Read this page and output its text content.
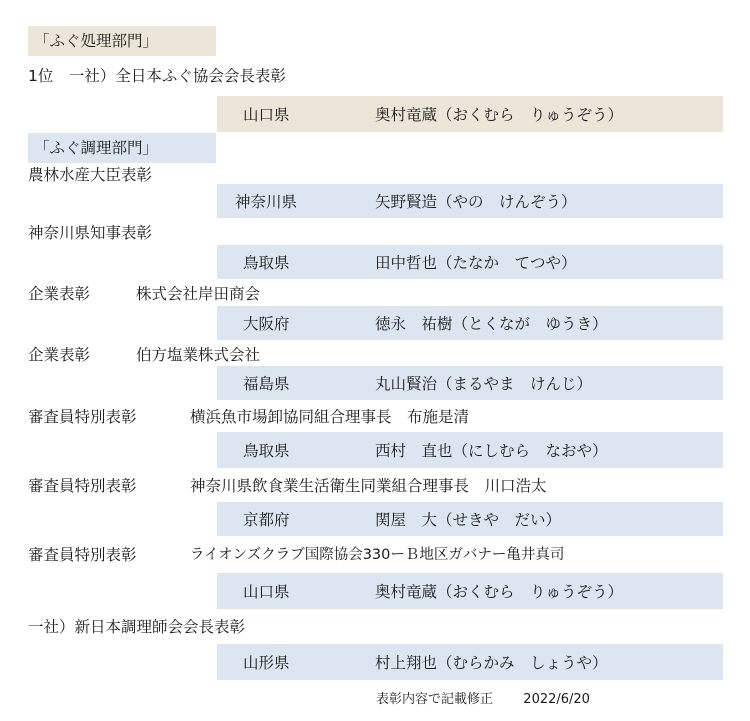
「ふぐ処理部門」
1位　一社）全日本ふぐ協会会長表彰
山口県	奥村竜蔵（おくむら　りゅうぞう）
「ふぐ調理部門」
農林水産大臣表彰
神奈川県	矢野賢造（やの　けんぞう）
神奈川県知事表彰
鳥取県	田中哲也（たなか　てつや）
企業表彰	株式会社岸田商会
大阪府	徳永　祐樹（とくなが　ゆうき）
企業表彰	伯方塩業株式会社
福島県	丸山賢治（まるやま　けんじ）
審査員特別表彰	横浜魚市場卸協同組合理事長　布施是清
鳥取県	西村　直也（にしむら　なおや）
審査員特別表彰	神奈川県飲食業生活衛生同業組合理事長　川口浩太
京都府	関屋　大（せきや　だい）
審査員特別表彰	ライオンズクラブ国際協会330ーＢ地区ガバナー亀井真司
山口県	奥村竜蔵（おくむら　りゅうぞう）
一社）新日本調理師会会長表彰
山形県	村上翔也（むらかみ　しょうや）
表彰内容で記載修正 2022/6/20
